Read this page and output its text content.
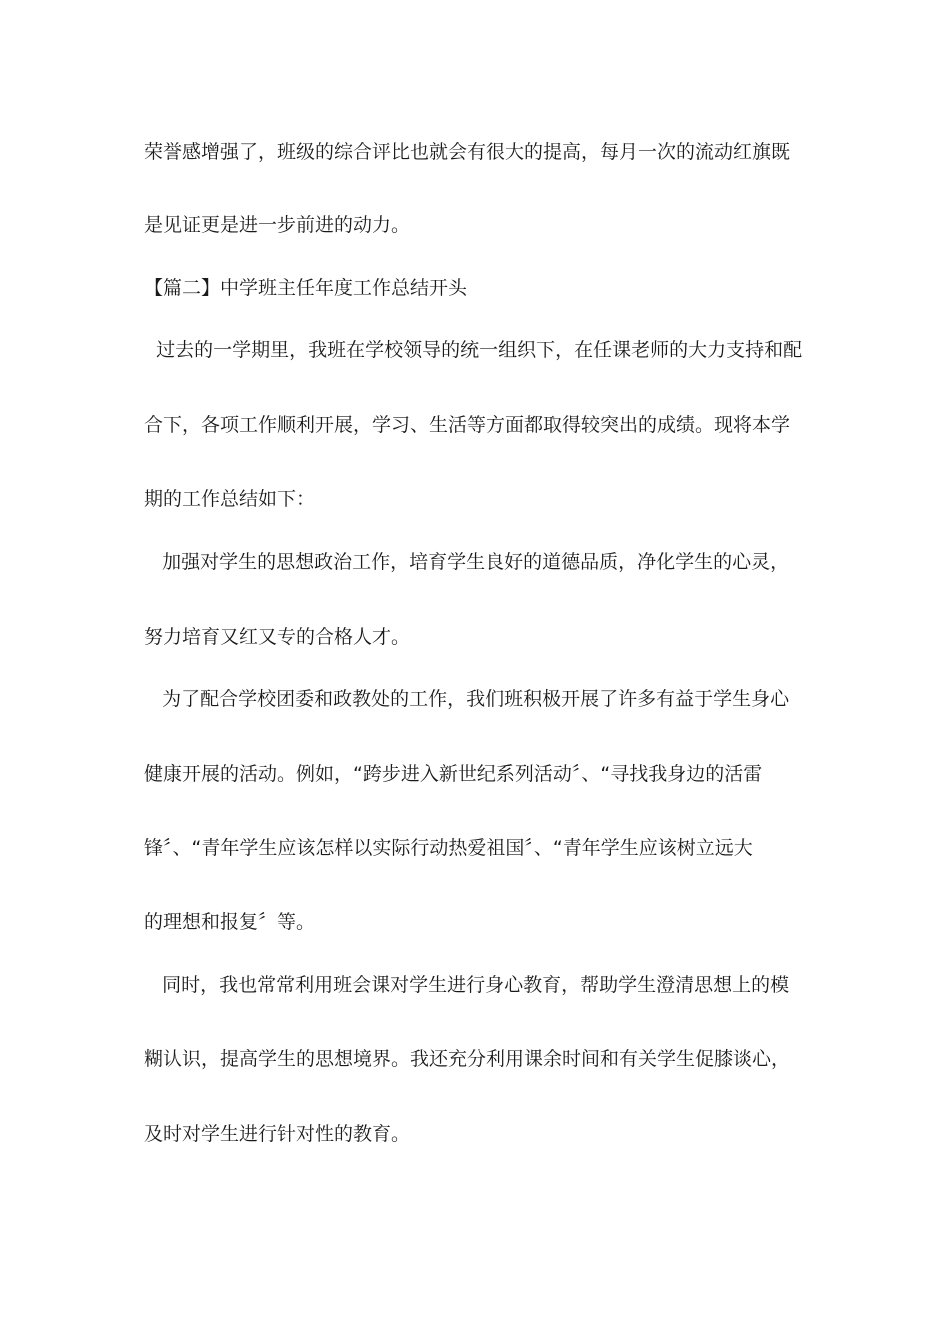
荣誉感增强了，班级的综合评比也就会有很大的提高，每月一次的流动红旗既
是见证更是进一步前进的动力。
【篇二】中学班主任年度工作总结开头
过去的一学期里，我班在学校领导的统一组织下，在任课老师的大力支持和配
合下，各项工作顺利开展，学习、生活等方面都取得较突出的成绩。现将本学
期的工作总结如下：
加强对学生的思想政治工作，培育学生良好的道德品质，净化学生的心灵，
努力培育又红又专的合格人才。
为了配合学校团委和政教处的工作，我们班积极开展了许多有益于学生身心
健康开展的活动。例如，“跨步进入新世纪系列活动〞、“寻找我身边的活雷
锋〞、“青年学生应该怎样以实际行动热爱祖国〞、“青年学生应该树立远大
的理想和报复〞等。
同时，我也常常利用班会课对学生进行身心教育，帮助学生澄清思想上的模
糊认识，提高学生的思想境界。我还充分利用课余时间和有关学生促膝谈心，
及时对学生进行针对性的教育。
